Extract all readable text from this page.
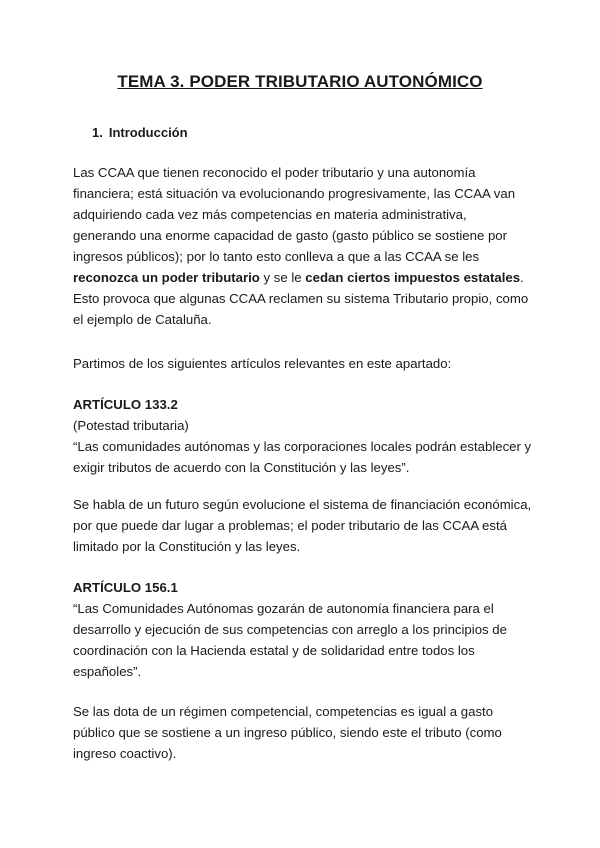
TEMA 3. PODER TRIBUTARIO AUTONÓMICO
1. Introducción
Las CCAA que tienen reconocido el poder tributario y una autonomía
financiera; está situación va evolucionando progresivamente, las CCAA van
adquiriendo cada vez más competencias en materia administrativa,
generando una enorme capacidad de gasto (gasto público se sostiene por
ingresos públicos); por lo tanto esto conlleva a que a las CCAA se les
reconozca un poder tributario y se le cedan ciertos impuestos estatales.
Esto provoca que algunas CCAA reclamen su sistema Tributario propio, como
el ejemplo de Cataluña.
Partimos de los siguientes artículos relevantes en este apartado:
ARTÍCULO 133.2
(Potestad tributaria)
“Las comunidades autónomas y las corporaciones locales podrán establecer y
exigir tributos de acuerdo con la Constitución y las leyes”.
Se habla de un futuro según evolucione el sistema de financiación económica,
por que puede dar lugar a problemas; el poder tributario de las CCAA está
limitado por la Constitución y las leyes.
ARTÍCULO 156.1
“Las Comunidades Autónomas gozarán de autonomía financiera para el
desarrollo y ejecución de sus competencias con arreglo a los principios de
coordinación con la Hacienda estatal y de solidaridad entre todos los
españoles”.
Se las dota de un régimen competencial, competencias es igual a gasto
público que se sostiene a un ingreso público, siendo este el tributo (como
ingreso coactivo).
